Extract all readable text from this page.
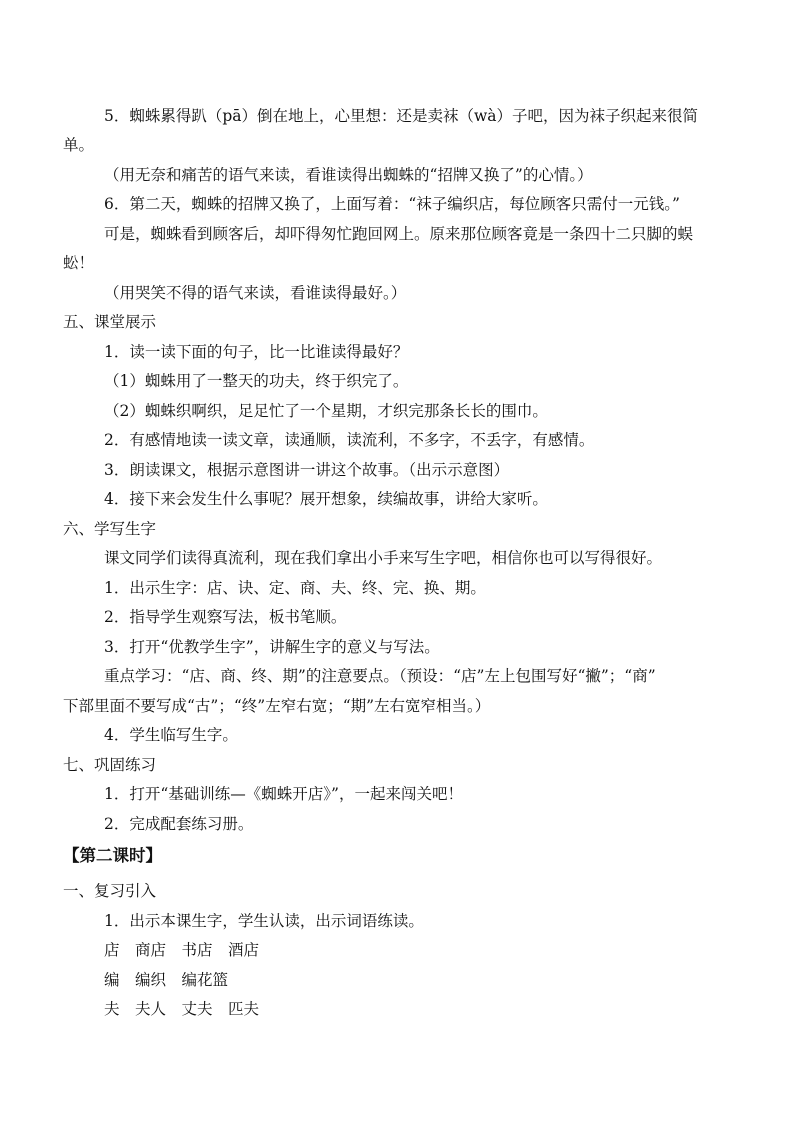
5．蜘蛛累得趴（pā）倒在地上，心里想：还是卖袜（wà）子吧，因为袜子织起来很简
单。
（用无奈和痛苦的语气来读，看谁读得出蜘蛛的“招牌又换了”的心情。）
6．第二天，蜘蛛的招牌又换了，上面写着：“袜子编织店，每位顾客只需付一元钱。”
可是，蜘蛛看到顾客后，却吓得匆忙跑回网上。原来那位顾客竟是一条四十二只脚的蜈
蚣！
（用哭笑不得的语气来读，看谁读得最好。）
五、课堂展示
1．读一读下面的句子，比一比谁读得最好？
（1）蜘蛛用了一整天的功夫，终于织完了。
（2）蜘蛛织啊织，足足忙了一个星期，才织完那条长长的围巾。
2．有感情地读一读文章，读通顺，读流利，不多字，不丢字，有感情。
3．朗读课文，根据示意图讲一讲这个故事。（出示示意图）
4．接下来会发生什么事呢？展开想象，续编故事，讲给大家听。
六、学写生字
课文同学们读得真流利，现在我们拿出小手来写生字吧，相信你也可以写得很好。
1．出示生字：店、诀、定、商、夫、终、完、换、期。
2．指导学生观察写法，板书笔顺。
3．打开“优教学生字”，讲解生字的意义与写法。
重点学习：“店、商、终、期”的注意要点。（预设：“店”左上包围写好“撇”；“商”
下部里面不要写成“古”；“终”左窄右宽；“期”左右宽窄相当。）
4．学生临写生字。
七、巩固练习
1．打开“基础训练—《蜘蛛开店》”，一起来闯关吧！
2．完成配套练习册。
【第二课时】
一、复习引入
1．出示本课生字，学生认读，出示词语练读。
店　商店　书店　酒店
编　编织　编花篮
夫　夫人　丈夫　匹夫
